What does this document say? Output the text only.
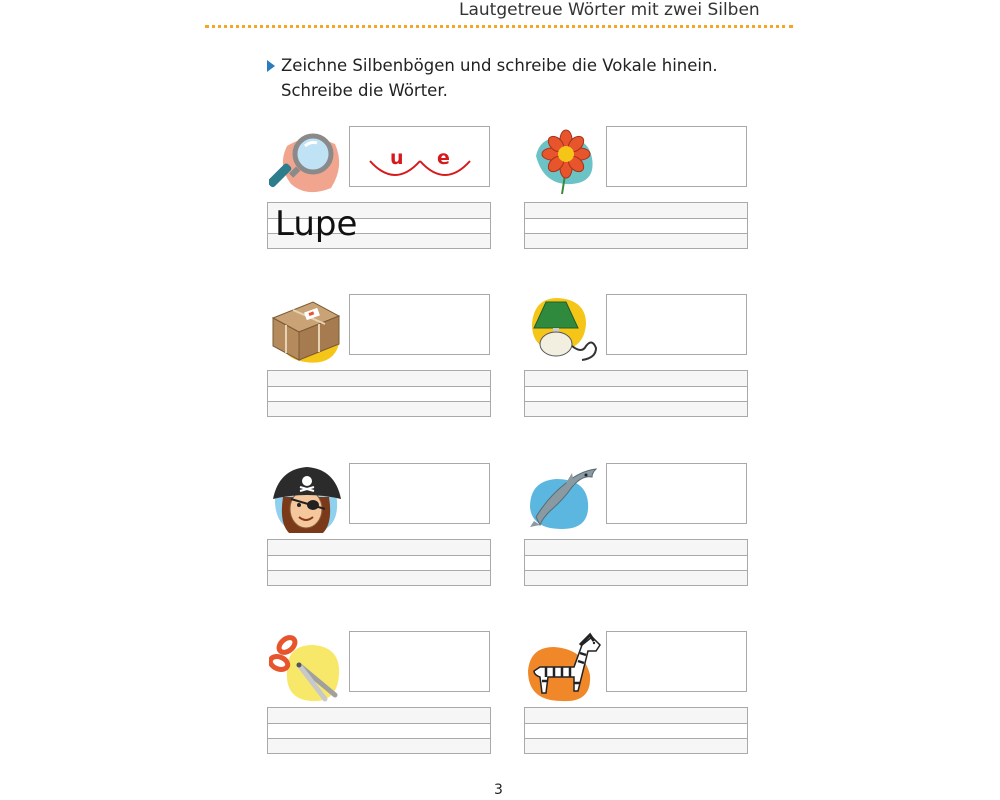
Lautgetreue Wörter mit zwei Silben
Zeichne Silbenbögen und schreibe die Vokale hinein.
Schreibe die Wörter.
u e
Lupe
3
